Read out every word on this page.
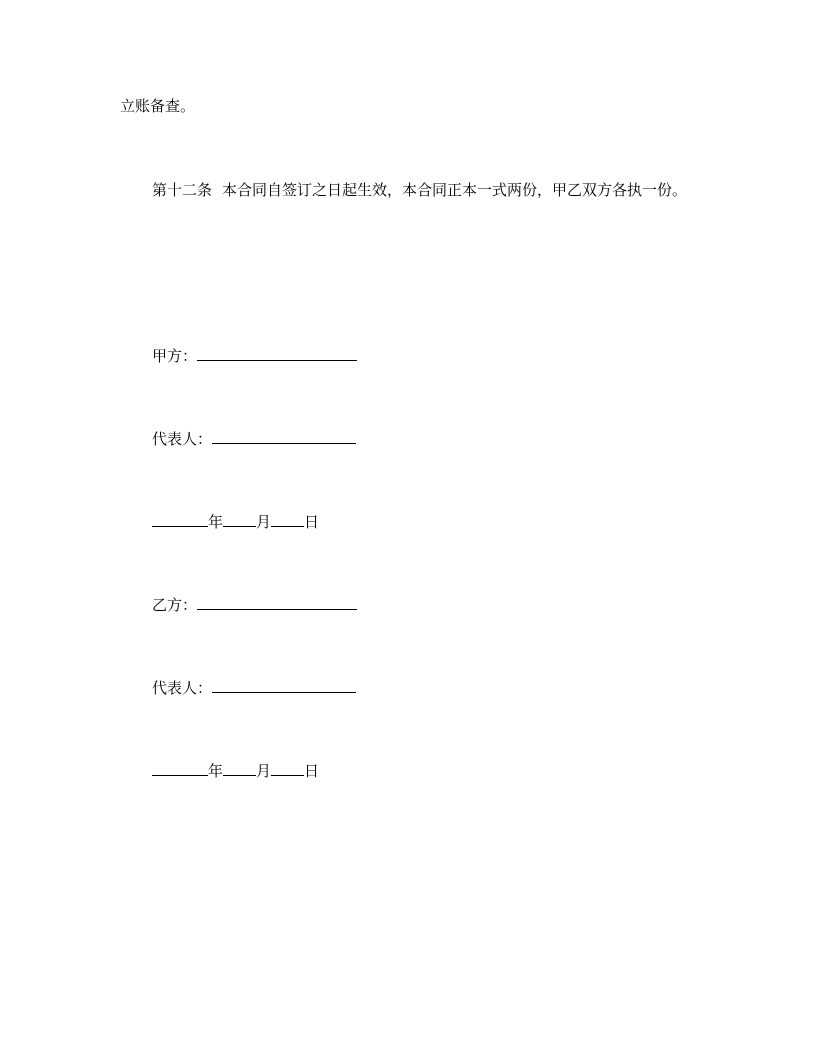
立账备查。
第十二条 本合同自签订之日起生效，本合同正本一式两份，甲乙双方各执一份。
甲方：
代表人：
年 月 日
乙方：
代表人：
年 月 日
